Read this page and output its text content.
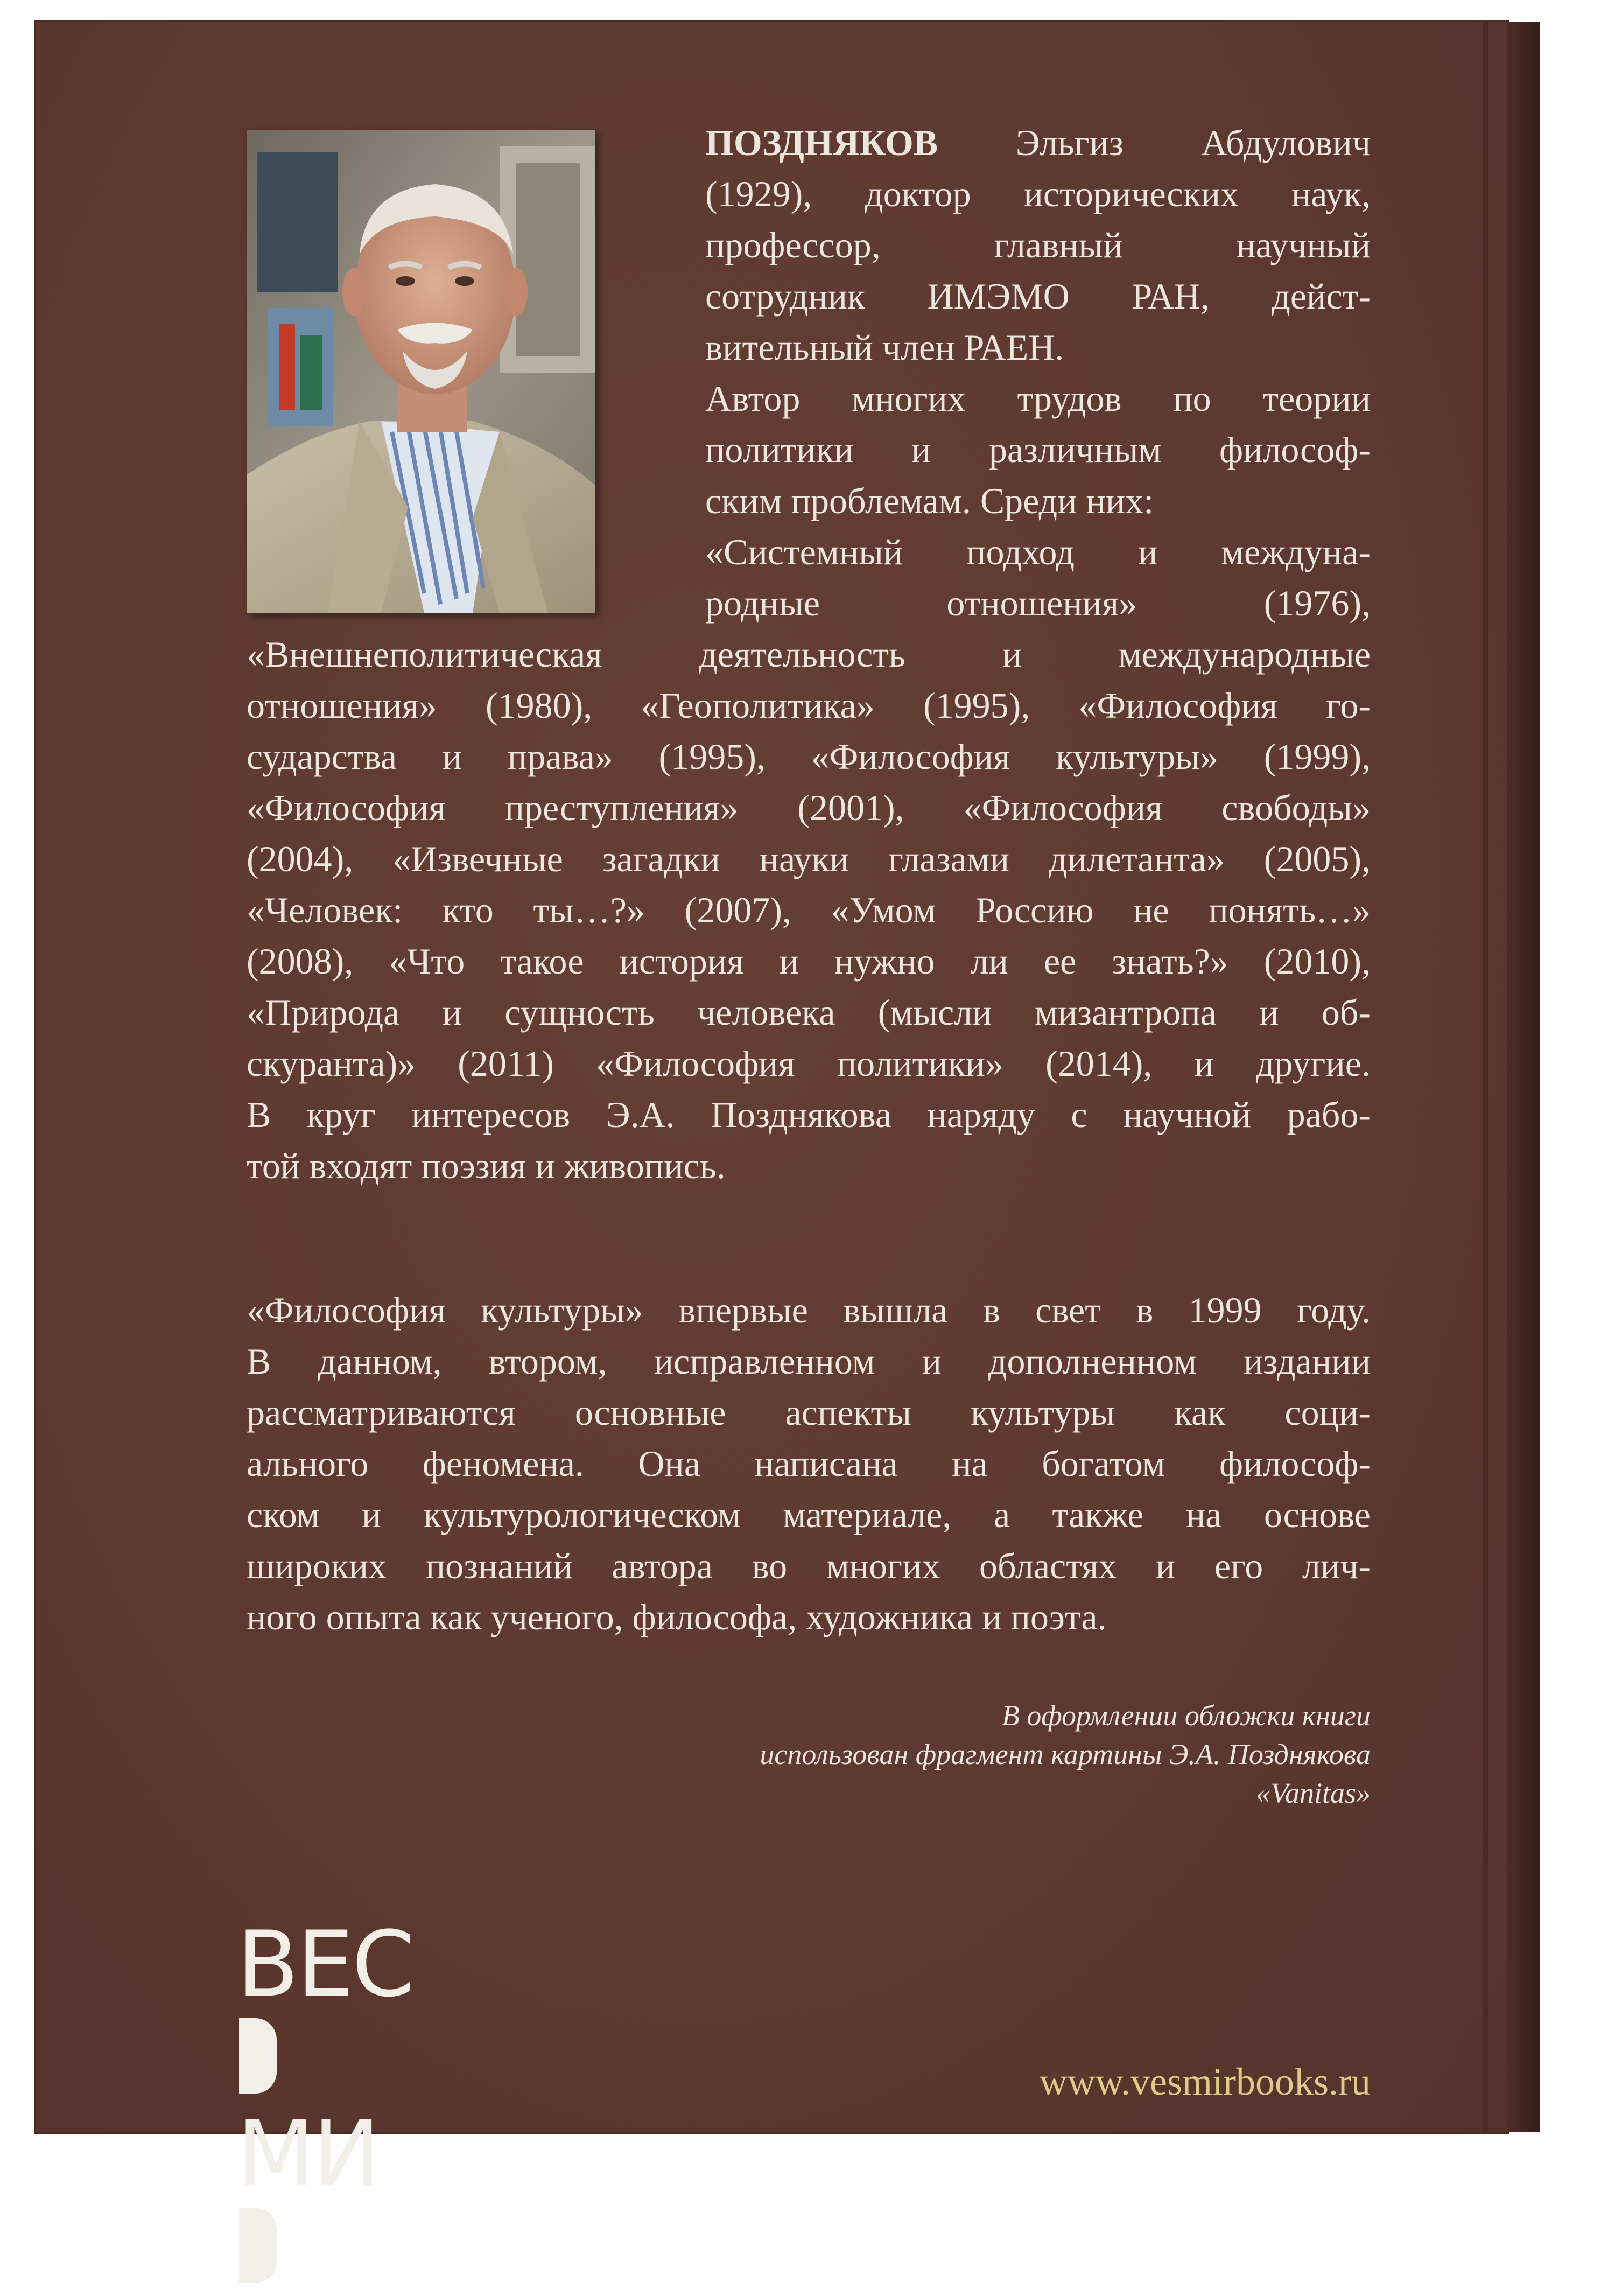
ПОЗДНЯКОВ Эльгиз Абдулович
(1929), доктор исторических наук,
профессор, главный научный
сотрудник ИМЭМО РАН, дейст-
вительный член РАЕН.
Автор многих трудов по теории
политики и различным философ-
ским проблемам. Среди них:
«Системный подход и междунa-
родные отношения» (1976),
«Внешнеполитическая деятельность и международные
отношения» (1980), «Геополитика» (1995), «Философия го-
сударства и права» (1995), «Философия культуры» (1999),
«Философия преступления» (2001), «Философия свободы»
(2004), «Извечные загадки науки глазами дилетанта» (2005),
«Человек: кто ты…?» (2007), «Умом Россию не понять…»
(2008), «Что такое история и нужно ли ее знать?» (2010),
«Природа и сущность человека (мысли мизантропа и об-
скуранта)» (2011) «Философия политики» (2014), и другие.
В круг интересов Э.А. Позднякова наряду с научной рабо-
той входят поэзия и живопись.
«Философия культуры» впервые вышла в свет в 1999 году.
В данном, втором, исправленном и дополненном издании
рассматриваются основные аспекты культуры как соци-
ального феномена. Она написана на богатом философ-
ском и культурологическом материале, а также на основе
широких познаний автора во многих областях и его лич-
ного опыта как ученого, философа, художника и поэта.
В оформлении обложки книги
использован фрагмент картины Э.А. Позднякова
«Vanitas»
ВЕС
МИ
www.vesmirbooks.ru
